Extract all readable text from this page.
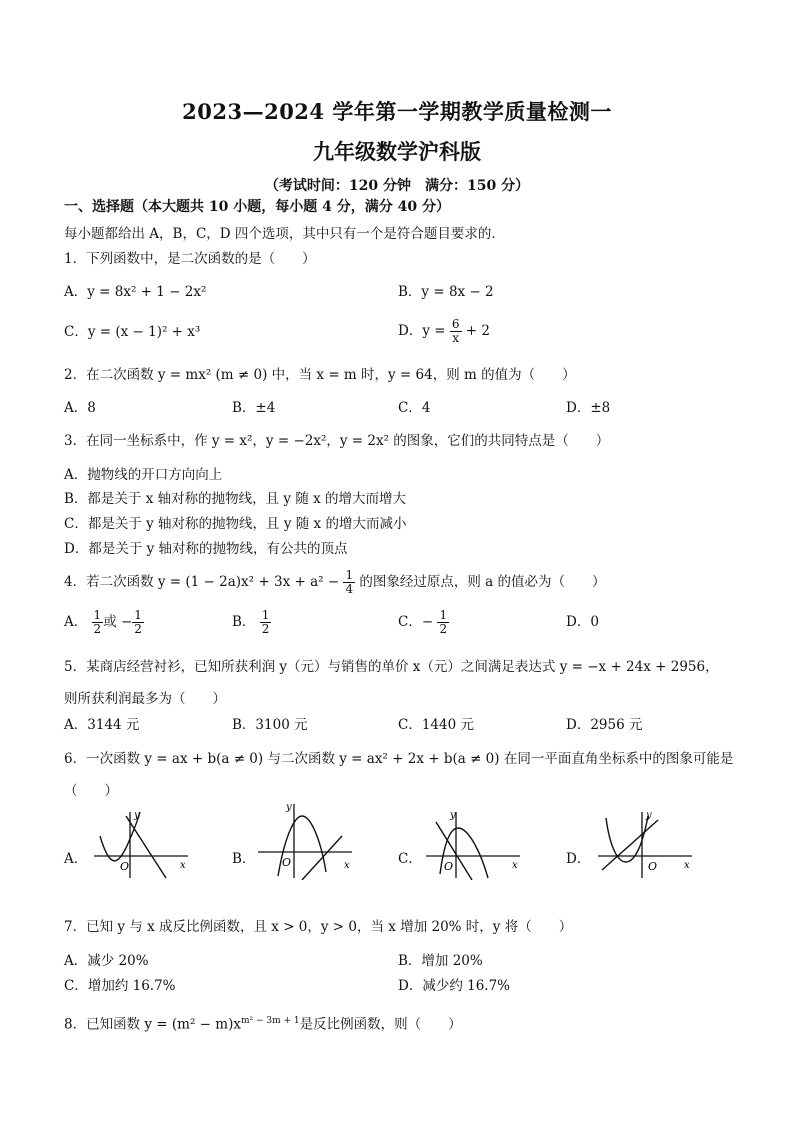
2023—2024 学年第一学期教学质量检测一
九年级数学沪科版
（考试时间：120 分钟　满分：150 分）
一、选择题（本大题共 10 小题，每小题 4 分，满分 40 分）
每小题都给出 A，B，C，D 四个选项，其中只有一个是符合题目要求的．
1．下列函数中，是二次函数的是（　　）
A．y = 8x² + 1 − 2x²	B．y = 8x − 2
C．y = (x − 1)² + x³	D．$y = \frac{6}{x} + 2$
2．在二次函数 y = mx² (m ≠ 0) 中，当 x = m 时，y = 64，则 m 的值为（　　）
A．8	B．±4	C．4	D．±8
3．在同一坐标系中，作 y = x²，y = −2x²，y = 2x² 的图象，它们的共同特点是（　　）
A．抛物线的开口方向向上
B．都是关于 x 轴对称的抛物线，且 y 随 x 的增大而增大
C．都是关于 y 轴对称的抛物线，且 y 随 x 的增大而减小
D．都是关于 y 轴对称的抛物线，有公共的顶点
4．若二次函数 $y = (1 - 2a)x^2 + 3x + a^2 - \frac{1}{4}$ 的图象经过原点，则 a 的值必为（　　）
A． $\frac{1}{2}$ 或 − $\frac{1}{2}$	B． $\frac{1}{2}$	C．− $\frac{1}{2}$	D．0
5．某商店经营衬衫，已知所获利润 y（元）与销售的单价 x（元）之间满足表达式 y = −x + 24x + 2956，
则所获利润最多为（　　）
A．3144 元	B．3100 元	C．1440 元	D．2956 元
6．一次函数 y = ax + b(a ≠ 0) 与二次函数 y = ax² + 2x + b(a ≠ 0) 在同一平面直角坐标系中的图象可能是
（　　）
A．
y
x
O	B．
y
x
O	C．
y
x
O	D．
y
x
O
7．已知 y 与 x 成反比例函数，且 x > 0，y > 0，当 x 增加 20% 时，y 将（　　）
A．减少 20%	B．增加 20%
C．增加约 16.7%	D．减少约 16.7%
8．已知函数 $y = (m^2 - m)x^{m^2 - 3m + 1}$是反比例函数，则（　　）
